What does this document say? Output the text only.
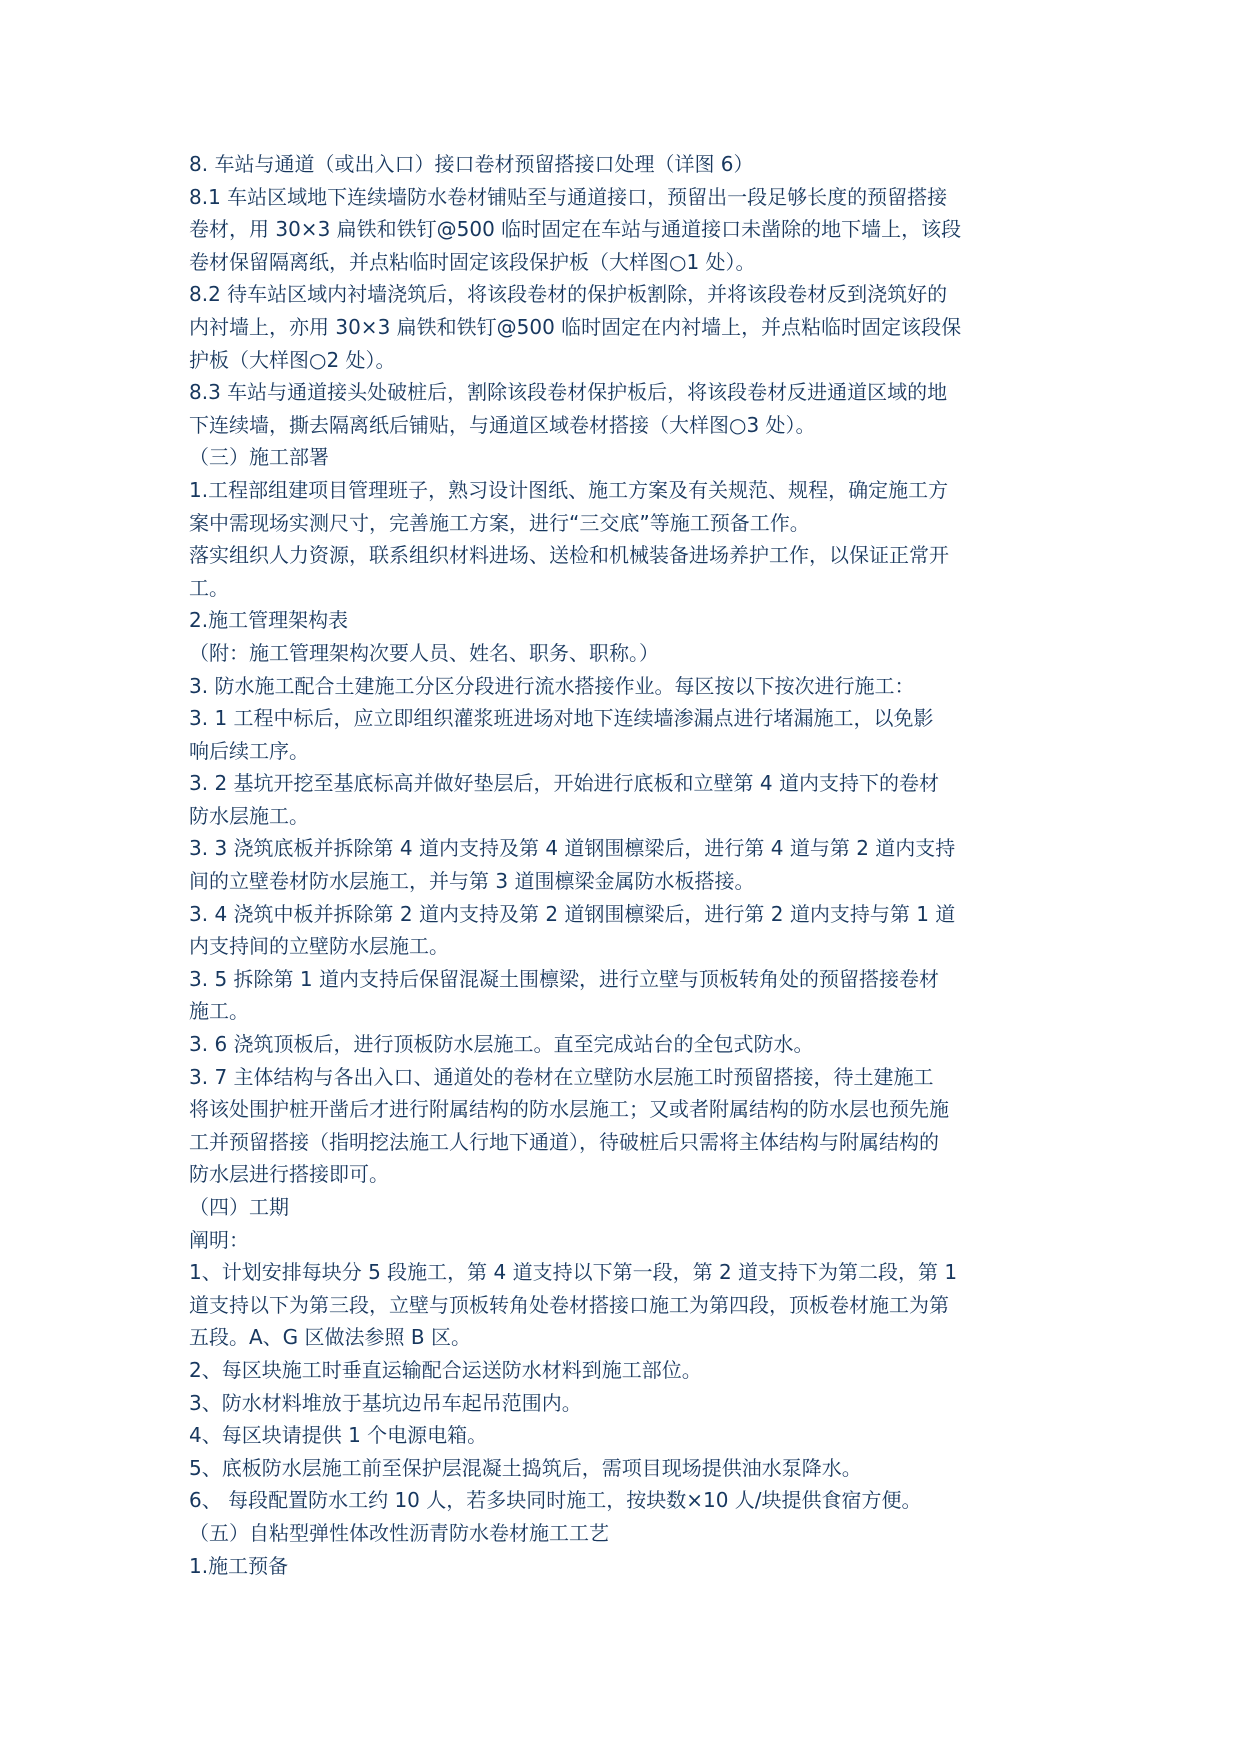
8. 车站与通道（或出入口）接口卷材预留搭接口处理（详图 6）
8.1 车站区域地下连续墙防水卷材铺贴至与通道接口，预留出一段足够长度的预留搭接
卷材，用 30×3 扁铁和铁钉@500 临时固定在车站与通道接口未凿除的地下墙上，该段
卷材保留隔离纸，并点粘临时固定该段保护板（大样图○1 处）。
8.2 待车站区域内衬墙浇筑后，将该段卷材的保护板割除，并将该段卷材反到浇筑好的
内衬墙上，亦用 30×3 扁铁和铁钉@500 临时固定在内衬墙上，并点粘临时固定该段保
护板（大样图○2 处）。
8.3 车站与通道接头处破桩后，割除该段卷材保护板后，将该段卷材反进通道区域的地
下连续墙，撕去隔离纸后铺贴，与通道区域卷材搭接（大样图○3 处）。
（三）施工部署
1.工程部组建项目管理班子，熟习设计图纸、施工方案及有关规范、规程，确定施工方
案中需现场实测尺寸，完善施工方案，进行“三交底”等施工预备工作。
落实组织人力资源，联系组织材料进场、送检和机械装备进场养护工作，以保证正常开
工。
2.施工管理架构表
（附：施工管理架构次要人员、姓名、职务、职称。）
3. 防水施工配合土建施工分区分段进行流水搭接作业。每区按以下按次进行施工：
3. 1 工程中标后，应立即组织灌浆班进场对地下连续墙渗漏点进行堵漏施工，以免影
响后续工序。
3. 2 基坑开挖至基底标高并做好垫层后，开始进行底板和立壁第 4 道内支持下的卷材
防水层施工。
3. 3 浇筑底板并拆除第 4 道内支持及第 4 道钢围檩梁后，进行第 4 道与第 2 道内支持
间的立壁卷材防水层施工，并与第 3 道围檩梁金属防水板搭接。
3. 4 浇筑中板并拆除第 2 道内支持及第 2 道钢围檩梁后，进行第 2 道内支持与第 1 道
内支持间的立壁防水层施工。
3. 5 拆除第 1 道内支持后保留混凝土围檩梁，进行立壁与顶板转角处的预留搭接卷材
施工。
3. 6 浇筑顶板后，进行顶板防水层施工。直至完成站台的全包式防水。
3. 7 主体结构与各出入口、通道处的卷材在立壁防水层施工时预留搭接，待土建施工
将该处围护桩开凿后才进行附属结构的防水层施工；又或者附属结构的防水层也预先施
工并预留搭接（指明挖法施工人行地下通道），待破桩后只需将主体结构与附属结构的
防水层进行搭接即可。
（四）工期
阐明：
1、计划安排每块分 5 段施工，第 4 道支持以下第一段，第 2 道支持下为第二段，第 1
道支持以下为第三段，立壁与顶板转角处卷材搭接口施工为第四段，顶板卷材施工为第
五段。A、G 区做法参照 B 区。
2、每区块施工时垂直运输配合运送防水材料到施工部位。
3、防水材料堆放于基坑边吊车起吊范围内。
4、每区块请提供 1 个电源电箱。
5、底板防水层施工前至保护层混凝土捣筑后，需项目现场提供油水泵降水。
6、 每段配置防水工约 10 人，若多块同时施工，按块数×10 人/块提供食宿方便。
（五）自粘型弹性体改性沥青防水卷材施工工艺
1.施工预备
